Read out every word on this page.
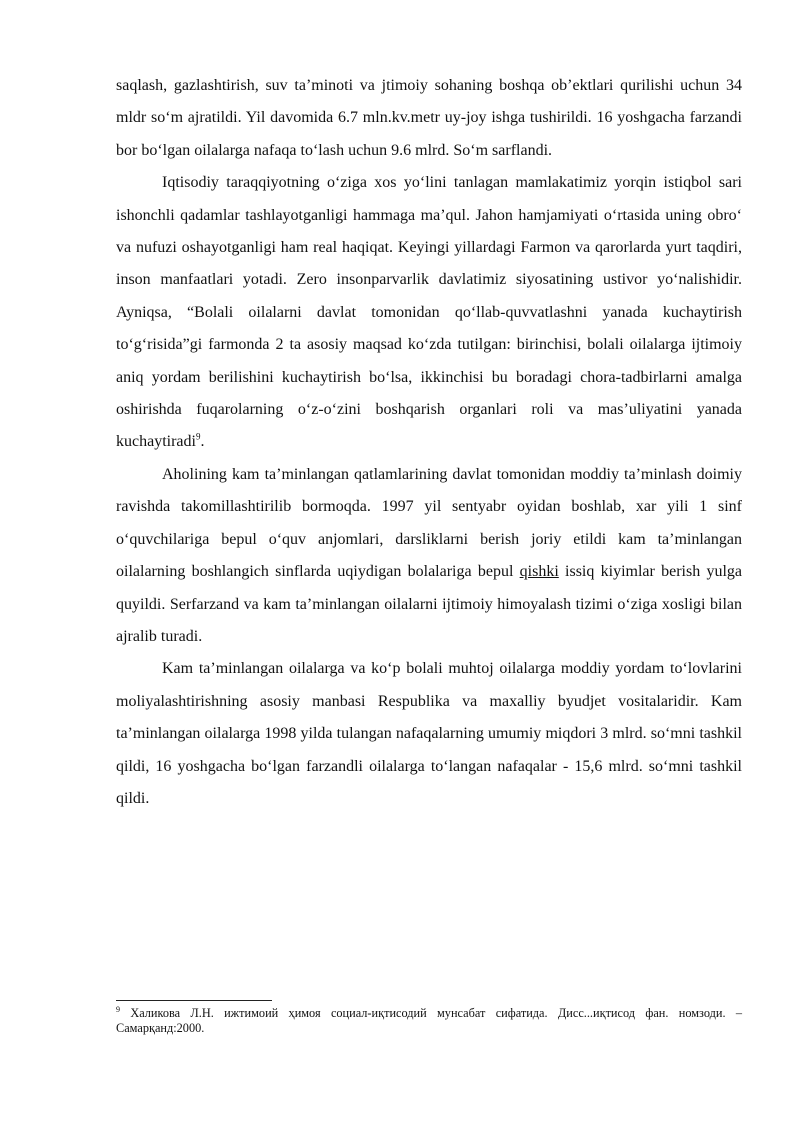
saqlash, gazlashtirish, suv ta’minoti va jtimoiy sohaning boshqa ob’ektlari qurilishi uchun 34 mldr so‘m ajratildi. Yil davomida 6.7 mln.kv.metr uy-joy ishga tushirildi. 16 yoshgacha farzandi bor bo‘lgan oilalarga nafaqa to‘lash uchun 9.6 mlrd. So‘m sarflandi.

Iqtisodiy taraqqiyotning o‘ziga xos yo‘lini tanlagan mamlakatimiz yorqin istiqbol sari ishonchli qadamlar tashlayotganligi hammaga ma’qul. Jahon hamjamiyati o‘rtasida uning obro‘ va nufuzi oshayotganligi ham real haqiqat. Keyingi yillardagi Farmon va qarorlarda yurt taqdiri, inson manfaatlari yotadi. Zero insonparvarlik davlatimiz siyosatining ustivor yo‘nalishidir. Ayniqsa, “Bolali oilalarni davlat tomonidan qo‘llab-quvvatlashni yanada kuchaytirish to‘g‘risida”gi farmonda 2 ta asosiy maqsad ko‘zda tutilgan: birinchisi, bolali oilalarga ijtimoiy aniq yordam berilishini kuchaytirish bo‘lsa, ikkinchisi bu boradagi chora-tadbirlarni amalga oshirishda fuqarolarning o‘z-o‘zini boshqarish organlari roli va mas’uliyatini yanada kuchaytiradi$^9$.

Aholining kam ta’minlangan qatlamlarining davlat tomonidan moddiy ta’minlash doimiy ravishda takomillashtirilib bormoqda. 1997 yil sentyabr oyidan boshlab, xar yili 1 sinf o‘quvchilariga bepul o‘quv anjomlari, darsliklarni berish joriy etildi kam ta’minlangan oilalarning boshlangich sinflarda uqiydigan bolalariga bepul qishki issiq kiyimlar berish yulga quyildi. Serfarzand va kam ta’minlangan oilalarni ijtimoiy himoyalash tizimi o‘ziga xosligi bilan ajralib turadi.

Kam ta’minlangan oilalarga va ko‘p bolali muhtoj oilalarga moddiy yordam to‘lovlarini moliyalashtirishning asosiy manbasi Respublika va maxalliy byudjet vositalaridir. Kam ta’minlangan oilalarga 1998 yilda tulangan nafaqalarning umumiy miqdori 3 mlrd. so‘mni tashkil qildi, 16 yoshgacha bo‘lgan farzandli oilalarga to‘langan nafaqalar - 15,6 mlrd. so‘mni tashkil qildi.

$^9$ Халикова Л.Н. ижтимоий ҳимоя социал-иқтисодий мунсабат сифатида. Дисс...иқтисод фан. номзоди. – Самарқанд:2000.
